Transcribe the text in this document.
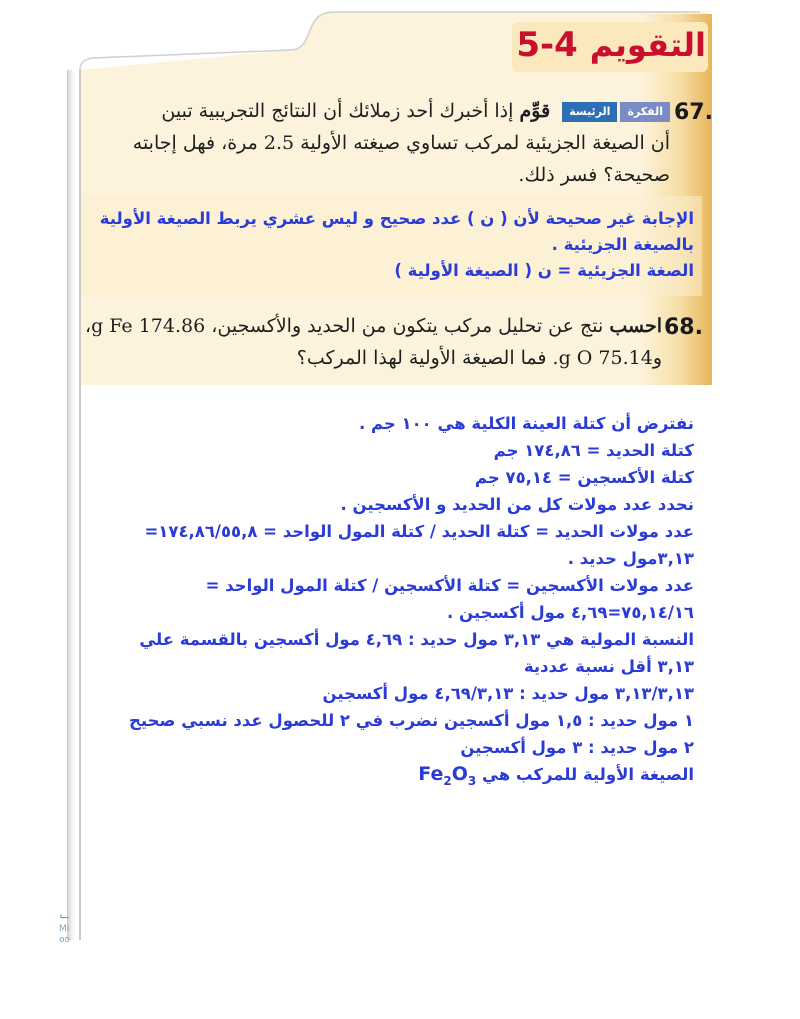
5-4 التقويم
67.
الفكرة
الرئيسة
قوِّم إذا أخبرك أحد زملائك أن النتائج التجريبية تبين
أن الصيغة الجزيئية لمركب تساوي صيغته الأولية 2.5 مرة، فهل إجابته
صحيحة؟ فسر ذلك.
الإجابة غير صحيحة لأن ( ن ) عدد صحيح و ليس عشري يربط الصيغة الأولية
بالصيغة الجزيئية .
الصغة الجزيئية = ن ( الصيغة الأولية )
68.
احسب نتج عن تحليل مركب يتكون من الحديد والأكسجين، 174.86 g Fe،
و75.14 g O. فما الصيغة الأولية لهذا المركب؟
نفترض أن كتلة العينة الكلية هي ١٠٠ جم .
كتلة الحديد = ١٧٤,٨٦ جم
كتلة الأكسجين = ٧٥,١٤ جم
نحدد عدد مولات كل من الحديد و الأكسجين .
عدد مولات الحديد = كتلة الحديد / كتلة المول الواحد = ١٧٤,٨٦/٥٥,٨=
٣,١٣مول حديد .
عدد مولات الأكسجين = كتلة الأكسجين / كتلة المول الواحد =
٧٥,١٤/١٦=٤,٦٩ مول أكسجين .
النسبة المولية هي ٣,١٣ مول حديد : ٤,٦٩ مول أكسجين بالقسمة علي
٣,١٣ أقل نسبة عددية
٣,١٣/٣,١٣ مول حديد : ٤,٦٩/٣,١٣ مول أكسجين
١ مول حديد : ١,٥ مول أكسجين نضرب في ٢ للحصول عدد نسبي صحيح
٢ مول حديد : ٣ مول أكسجين
الصيغة الأولية للمركب هي $Fe_2O_3$
⌙
Mi
oo
